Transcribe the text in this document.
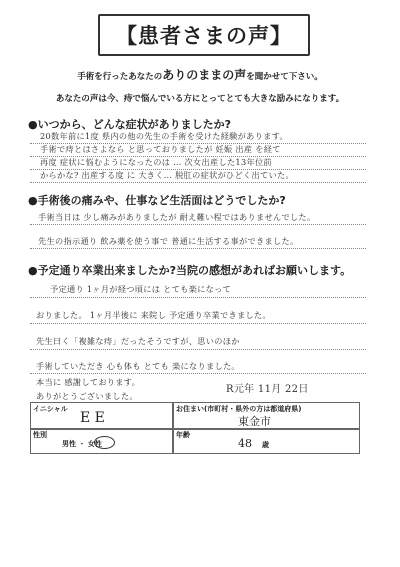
【患者さまの声】
手術を行ったあなたのありのままの声を聞かせて下さい。
あなたの声は今、痔で悩んでいる方にとってとても大きな励みになります。
●いつから、どんな症状がありましたか?
20数年前に1度 県内の他の先生の手術を受けた経験があります。
手術で痔とはさよなら と思っておりましたが 妊娠 出産 を経て
再度 症状に悩むようになったのは … 次女出産した13年位前
からかな? 出産する度 に 大きく… 脱肛の症状がひどく出ていた。
●手術後の痛みや、仕事など生活面はどうでしたか?
手術当日は 少し痛みがありましたが 耐え難い程ではありませんでした。
先生の指示通り 飲み薬を使う事で 普通に生活する事ができました。
●予定通り卒業出来ましたか?当院の感想があればお願いします。
予定通り 1ヶ月が経つ頃には とても楽になって
おりました。 1ヶ月半後に 来院し 予定通り卒業できました。
先生曰く「複雑な痔」だったそうですが、思いのほか
手術していただき 心も体も とても 楽になりました。
本当に 感謝しております。
ありがとうございました。
R元年 11月 22日
イニシャル
E E
お住まい(市町村・県外の方は都道府県)
東金市
性別
男性 ・ 女性
年齢
48 歳
